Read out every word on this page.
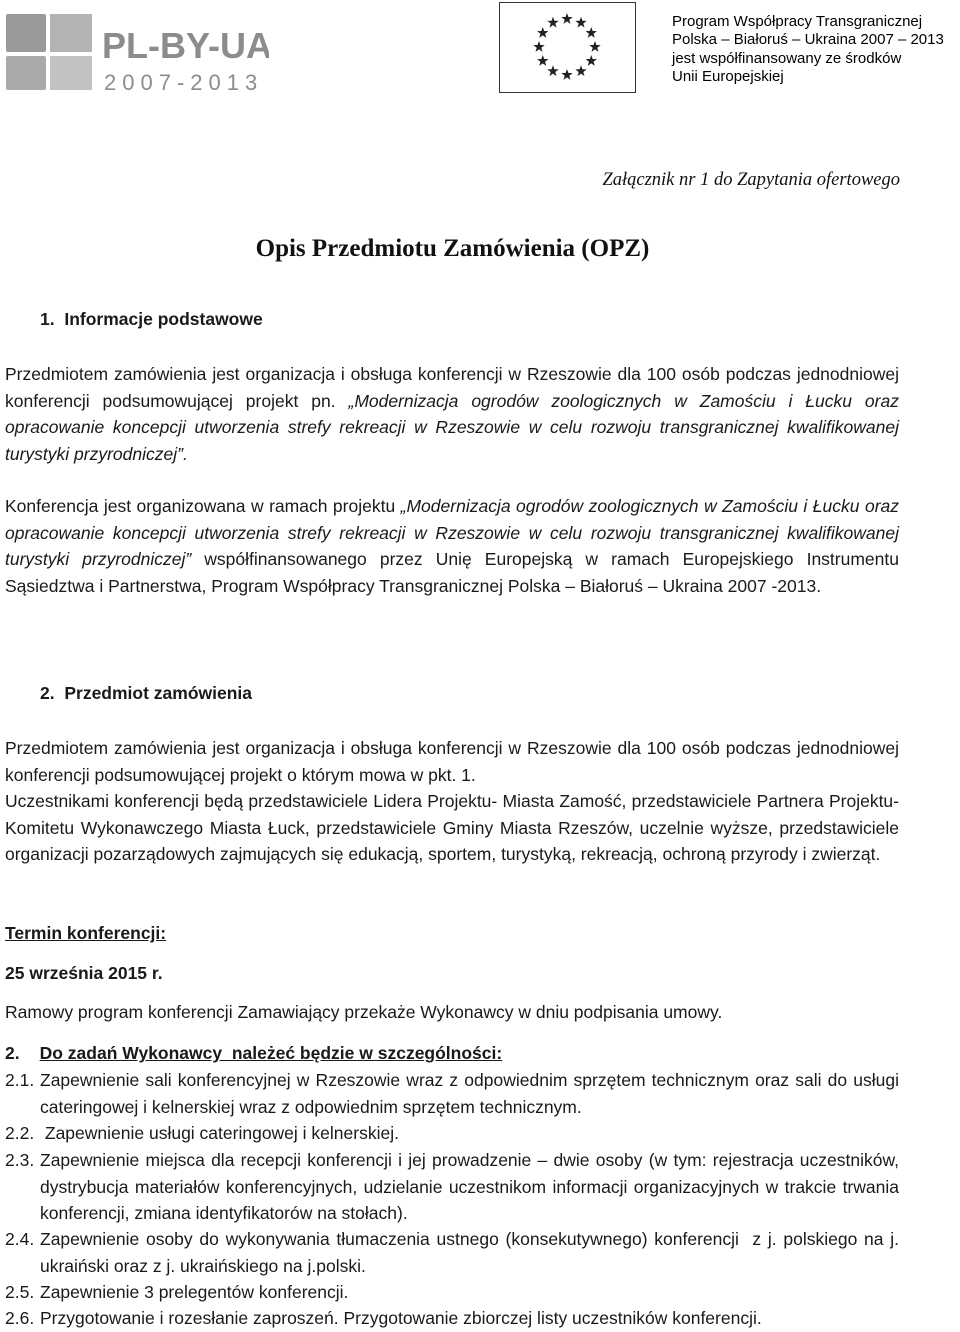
PL-BY-UA
2007-2013
Program Współpracy Transgranicznej
Polska – Białoruś – Ukraina 2007 – 2013
jest współfinansowany ze środków
Unii Europejskiej
Załącznik nr 1 do Zapytania ofertowego
Opis Przedmiotu Zamówienia (OPZ)
1. Informacje podstawowe
Przedmiotem zamówienia jest organizacja i obsługa konferencji w Rzeszowie dla 100 osób podczas jednodniowej konferencji podsumowującej projekt pn. „Modernizacja ogrodów zoologicznych w Zamościu i Łucku oraz opracowanie koncepcji utworzenia strefy rekreacji w Rzeszowie w celu rozwoju transgranicznej kwalifikowanej turystyki przyrodniczej”.
Konferencja jest organizowana w ramach projektu „Modernizacja ogrodów zoologicznych w Zamościu i Łucku oraz opracowanie koncepcji utworzenia strefy rekreacji w Rzeszowie w celu rozwoju transgranicznej kwalifikowanej turystyki przyrodniczej” współfinansowanego przez Unię Europejską w ramach Europejskiego Instrumentu Sąsiedztwa i Partnerstwa, Program Współpracy Transgranicznej Polska – Białoruś – Ukraina 2007 -2013.
2. Przedmiot zamówienia
Przedmiotem zamówienia jest organizacja i obsługa konferencji w Rzeszowie dla 100 osób podczas jednodniowej konferencji podsumowującej projekt o którym mowa w pkt. 1.
Uczestnikami konferencji będą przedstawiciele Lidera Projektu- Miasta Zamość, przedstawiciele Partnera Projektu- Komitetu Wykonawczego Miasta Łuck, przedstawiciele Gminy Miasta Rzeszów, uczelnie wyższe, przedstawiciele organizacji pozarządowych zajmujących się edukacją, sportem, turystyką, rekreacją, ochroną przyrody i zwierząt.
Termin konferencji:
25 września 2015 r.
Ramowy program konferencji Zamawiający przekaże Wykonawcy w dniu podpisania umowy.
2. Do zadań Wykonawcy  należeć będzie w szczególności:
2.1. Zapewnienie sali konferencyjnej w Rzeszowie wraz z odpowiednim sprzętem technicznym oraz sali do usługi cateringowej i kelnerskiej wraz z odpowiednim sprzętem technicznym.
2.2. Zapewnienie usługi cateringowej i kelnerskiej.
2.3. Zapewnienie miejsca dla recepcji konferencji i jej prowadzenie – dwie osoby (w tym: rejestracja uczestników, dystrybucja materiałów konferencyjnych, udzielanie uczestnikom informacji organizacyjnych w trakcie trwania konferencji, zmiana identyfikatorów na stołach).
2.4. Zapewnienie osoby do wykonywania tłumaczenia ustnego (konsekutywnego) konferencji  z j. polskiego na j. ukraiński oraz z j. ukraińskiego na j.polski.
2.5. Zapewnienie 3 prelegentów konferencji.
2.6. Przygotowanie i rozesłanie zaproszeń. Przygotowanie zbiorczej listy uczestników konferencji.
